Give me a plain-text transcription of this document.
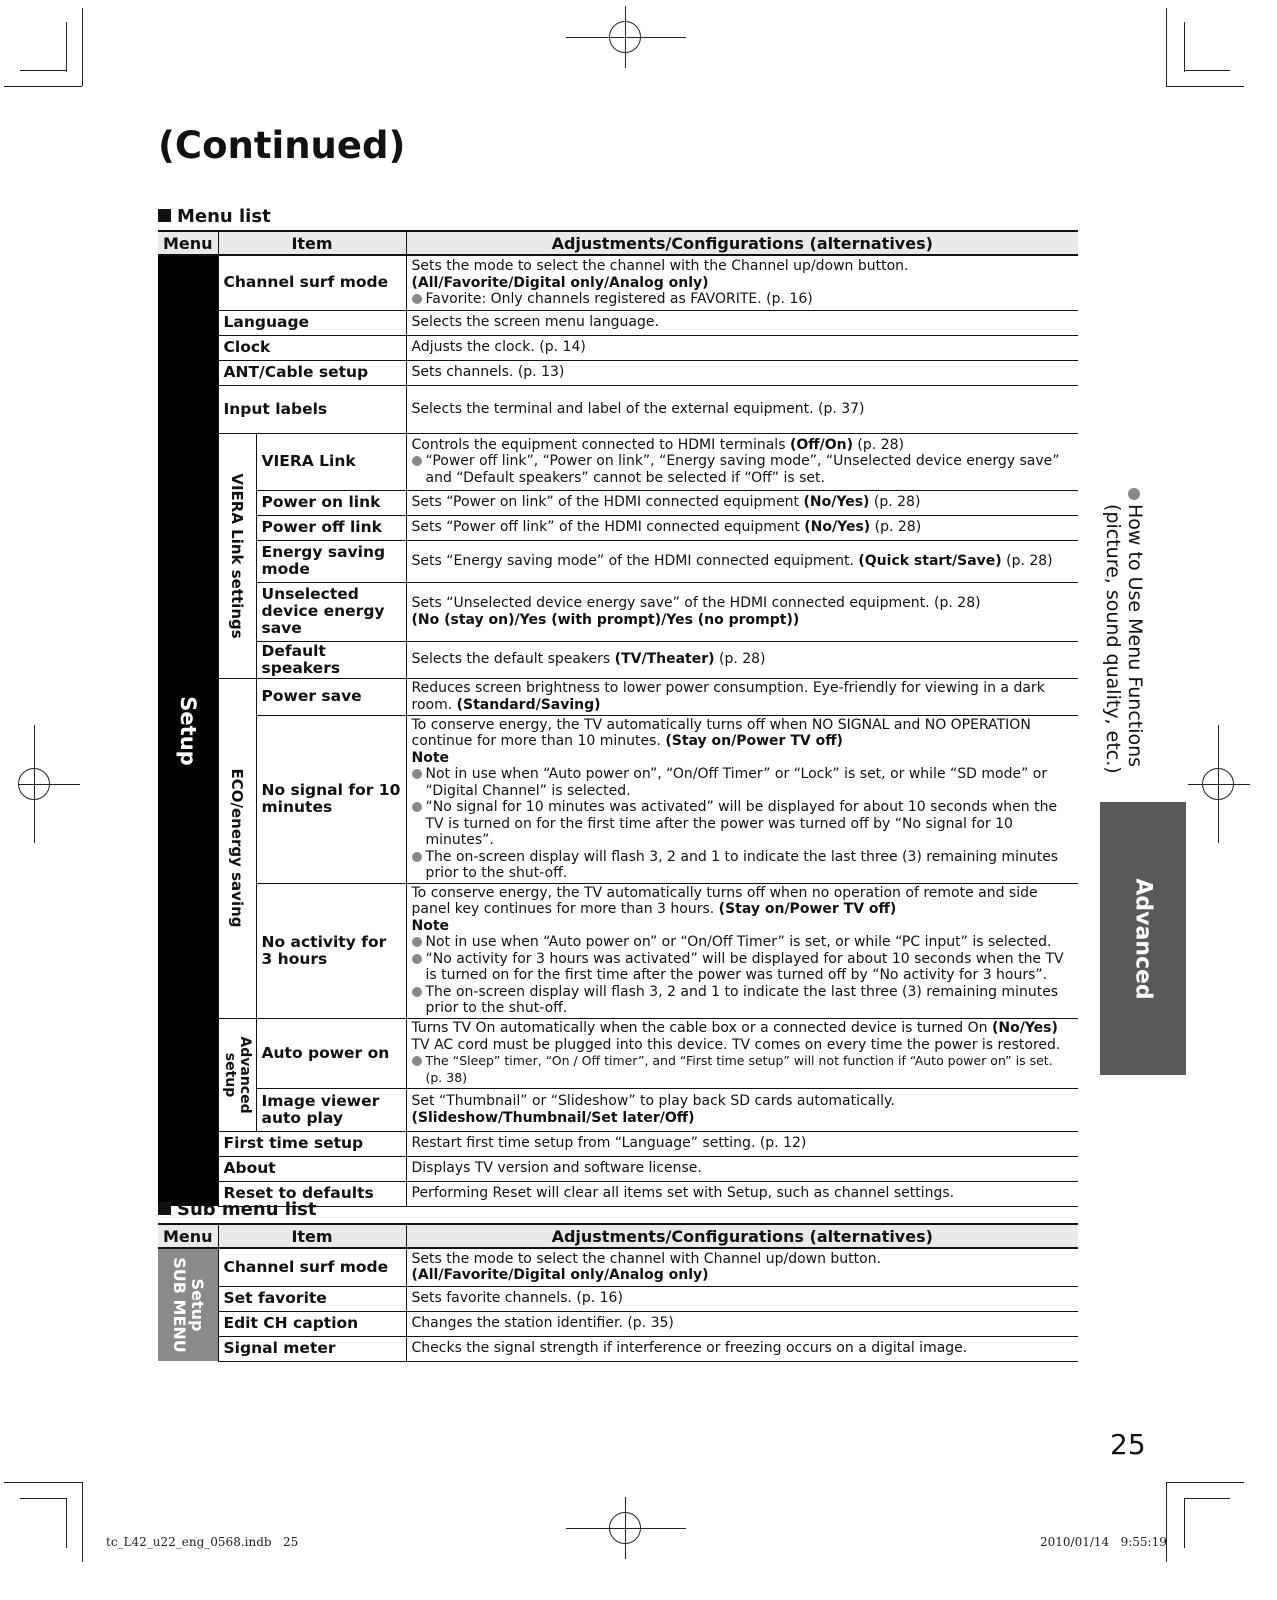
(Continued)
Menu list
Menu	Item		Adjustments/Configurations (alternatives)

Setup	Channel surf mode		Sets the mode to select the channel with the Channel up/down button.
(All/Favorite/Digital only/Analog only)

Favorite: Only channels registered as FAVORITE. (p. 16)

	Language		Selects the screen menu language.
	Clock		Adjusts the clock. (p. 14)
	ANT/Cable setup		Sets channels. (p. 13)
	Input labels		Selects the terminal and label of the external equipment. (p. 37)

	VIERA Link settings	VIERA Link	Controls the equipment connected to HDMI terminals (Off/On) (p. 28)
“Power off link”, “Power on link”, “Energy saving mode”, “Unselected device energy save” and “Default speakers” cannot be selected if “Off” is set.

		Power on link	Sets “Power on link” of the HDMI connected equipment (No/Yes) (p. 28)
		Power off link	Sets “Power off link” of the HDMI connected equipment (No/Yes) (p. 28)
		Energy saving mode	Sets “Energy saving mode” of the HDMI connected equipment. (Quick start/Save) (p. 28)
		Unselected device energy save	Sets “Unselected device energy save” of the HDMI connected equipment. (p. 28)
(No (stay on)/Yes (with prompt)/Yes (no prompt))
		Default speakers	Selects the default speakers (TV/Theater) (p. 28)

	ECO/energy saving	Power save	Reduces screen brightness to lower power consumption. Eye-friendly for viewing in a dark room. (Standard/Saving)
		No signal for 10 minutes	To conserve energy, the TV automatically turns off when NO SIGNAL and NO OPERATION continue for more than 10 minutes. (Stay on/Power TV off)
Note
Not in use when “Auto power on”, “On/Off Timer” or “Lock” is set, or while “SD mode” or “Digital Channel” is selected.
“No signal for 10 minutes was activated” will be displayed for about 10 seconds when the TV is turned on for the first time after the power was turned off by “No signal for 10 minutes”.
The on-screen display will flash 3, 2 and 1 to indicate the last three (3) remaining minutes prior to the shut-off.

		No activity for 3 hours	To conserve energy, the TV automatically turns off when no operation of remote and side panel key continues for more than 3 hours. (Stay on/Power TV off)
Note
Not in use when “Auto power on” or “On/Off Timer” is set, or while “PC input” is selected.
“No activity for 3 hours was activated” will be displayed for about 10 seconds when the TV is turned on for the first time after the power was turned off by “No activity for 3 hours”.
The on-screen display will flash 3, 2 and 1 to indicate the last three (3) remaining minutes prior to the shut-off.

	Advanced setup	Auto power on	Turns TV On automatically when the cable box or a connected device is turned On (No/Yes)
TV AC cord must be plugged into this device. TV comes on every time the power is restored.
The “Sleep” timer, “On / Off timer”, and “First time setup” will not function if “Auto power on” is set. (p. 38)

		Image viewer auto play	Set “Thumbnail” or “Slideshow” to play back SD cards automatically.
(Slideshow/Thumbnail/Set later/Off)
	First time setup		Restart first time setup from “Language” setting. (p. 12)
	About		Displays TV version and software license.
	Reset to defaults		Performing Reset will clear all items set with Setup, such as channel settings.
Sub menu list
Menu	Item	Adjustments/Configurations (alternatives)

Setup
SUB MENU	Channel surf mode	Sets the mode to select the channel with Channel up/down button.
(All/Favorite/Digital only/Analog only)
	Set favorite	Sets favorite channels. (p. 16)
	Edit CH caption	Changes the station identifier. (p. 35)
	Signal meter	Checks the signal strength if interference or freezing occurs on a digital image.
How to Use Menu Functions
(picture, sound quality, etc.)
Advanced
25
tc_L42_u22_eng_0568.indb   25	2010/01/14   9:55:19
